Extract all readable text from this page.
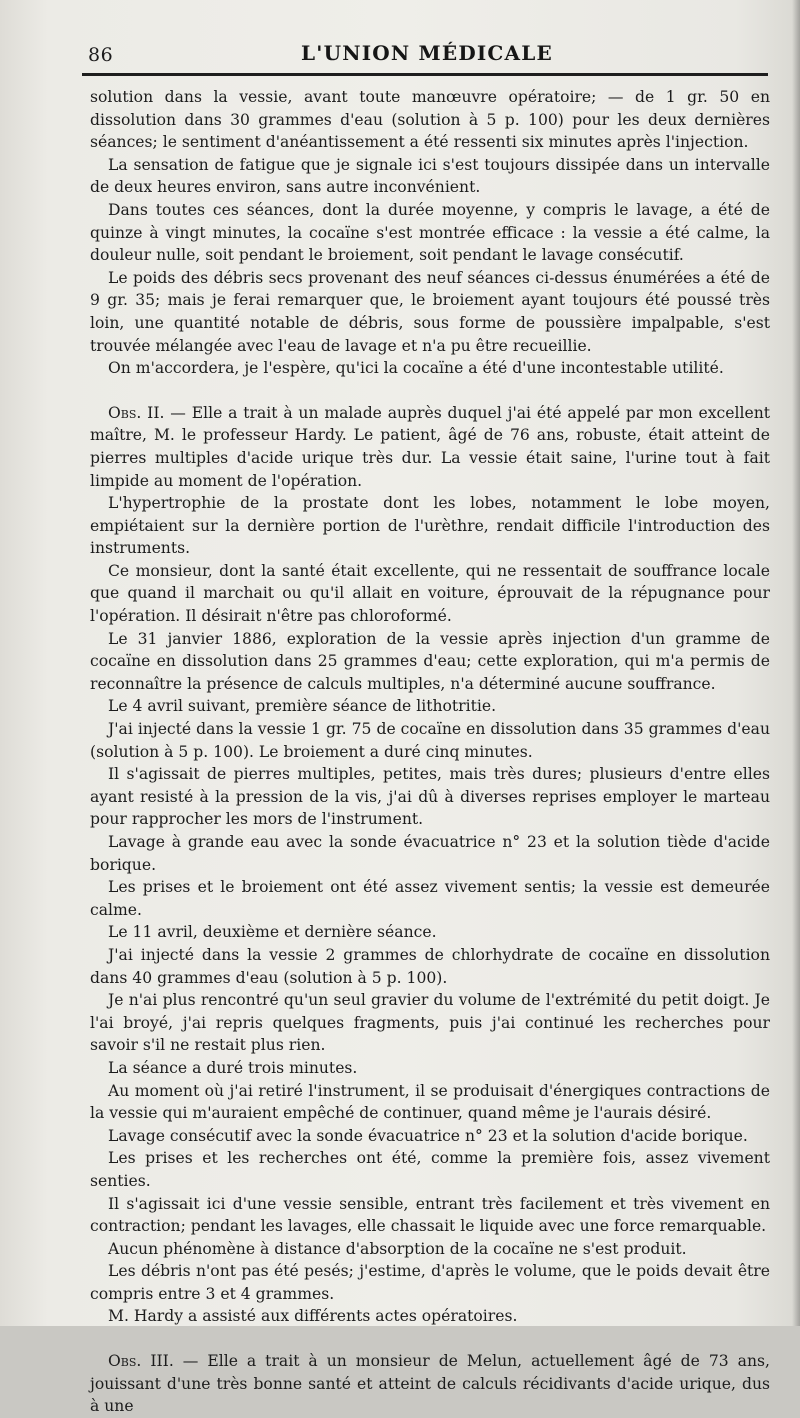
86	L'UNION MÉDICALE

solution dans la vessie, avant toute manœuvre opératoire; — de 1 gr. 50 en dissolution dans 30 grammes d'eau (solution à 5 p. 100) pour les deux dernières séances; le sentiment d'anéantissement a été ressenti six minutes après l'injection.

La sensation de fatigue que je signale ici s'est toujours dissipée dans un intervalle de deux heures environ, sans autre inconvénient.

Dans toutes ces séances, dont la durée moyenne, y compris le lavage, a été de quinze à vingt minutes, la cocaïne s'est montrée efficace : la vessie a été calme, la douleur nulle, soit pendant le broiement, soit pendant le lavage consécutif.

Le poids des débris secs provenant des neuf séances ci-dessus énumérées a été de 9 gr. 35; mais je ferai remarquer que, le broiement ayant toujours été poussé très loin, une quantité notable de débris, sous forme de poussière impalpable, s'est trouvée mélangée avec l'eau de lavage et n'a pu être recueillie.

On m'accordera, je l'espère, qu'ici la cocaïne a été d'une incontestable utilité.

Obs. II. — Elle a trait à un malade auprès duquel j'ai été appelé par mon excellent maître, M. le professeur Hardy. Le patient, âgé de 76 ans, robuste, était atteint de pierres multiples d'acide urique très dur. La vessie était saine, l'urine tout à fait limpide au moment de l'opération.

L'hypertrophie de la prostate dont les lobes, notamment le lobe moyen, empiétaient sur la dernière portion de l'urèthre, rendait difficile l'introduction des instruments.

Ce monsieur, dont la santé était excellente, qui ne ressentait de souffrance locale que quand il marchait ou qu'il allait en voiture, éprouvait de la répugnance pour l'opération. Il désirait n'être pas chloroformé.

Le 31 janvier 1886, exploration de la vessie après injection d'un gramme de cocaïne en dissolution dans 25 grammes d'eau; cette exploration, qui m'a permis de reconnaître la présence de calculs multiples, n'a déterminé aucune souffrance.

Le 4 avril suivant, première séance de lithotritie.

J'ai injecté dans la vessie 1 gr. 75 de cocaïne en dissolution dans 35 grammes d'eau (solution à 5 p. 100). Le broiement a duré cinq minutes.

Il s'agissait de pierres multiples, petites, mais très dures; plusieurs d'entre elles ayant resisté à la pression de la vis, j'ai dû à diverses reprises employer le marteau pour rapprocher les mors de l'instrument.

Lavage à grande eau avec la sonde évacuatrice n° 23 et la solution tiède d'acide borique.

Les prises et le broiement ont été assez vivement sentis; la vessie est demeurée calme.

Le 11 avril, deuxième et dernière séance.

J'ai injecté dans la vessie 2 grammes de chlorhydrate de cocaïne en dissolution dans 40 grammes d'eau (solution à 5 p. 100).

Je n'ai plus rencontré qu'un seul gravier du volume de l'extrémité du petit doigt. Je l'ai broyé, j'ai repris quelques fragments, puis j'ai continué les recherches pour savoir s'il ne restait plus rien.

La séance a duré trois minutes.

Au moment où j'ai retiré l'instrument, il se produisait d'énergiques contractions de la vessie qui m'auraient empêché de continuer, quand même je l'aurais désiré.

Lavage consécutif avec la sonde évacuatrice n° 23 et la solution d'acide borique.

Les prises et les recherches ont été, comme la première fois, assez vivement senties.

Il s'agissait ici d'une vessie sensible, entrant très facilement et très vivement en contraction; pendant les lavages, elle chassait le liquide avec une force remarquable.

Aucun phénomène à distance d'absorption de la cocaïne ne s'est produit.

Les débris n'ont pas été pesés; j'estime, d'après le volume, que le poids devait être compris entre 3 et 4 grammes.

M. Hardy a assisté aux différents actes opératoires.

Obs. III. — Elle a trait à un monsieur de Melun, actuellement âgé de 73 ans, jouissant d'une très bonne santé et atteint de calculs récidivants d'acide urique, dus à une
